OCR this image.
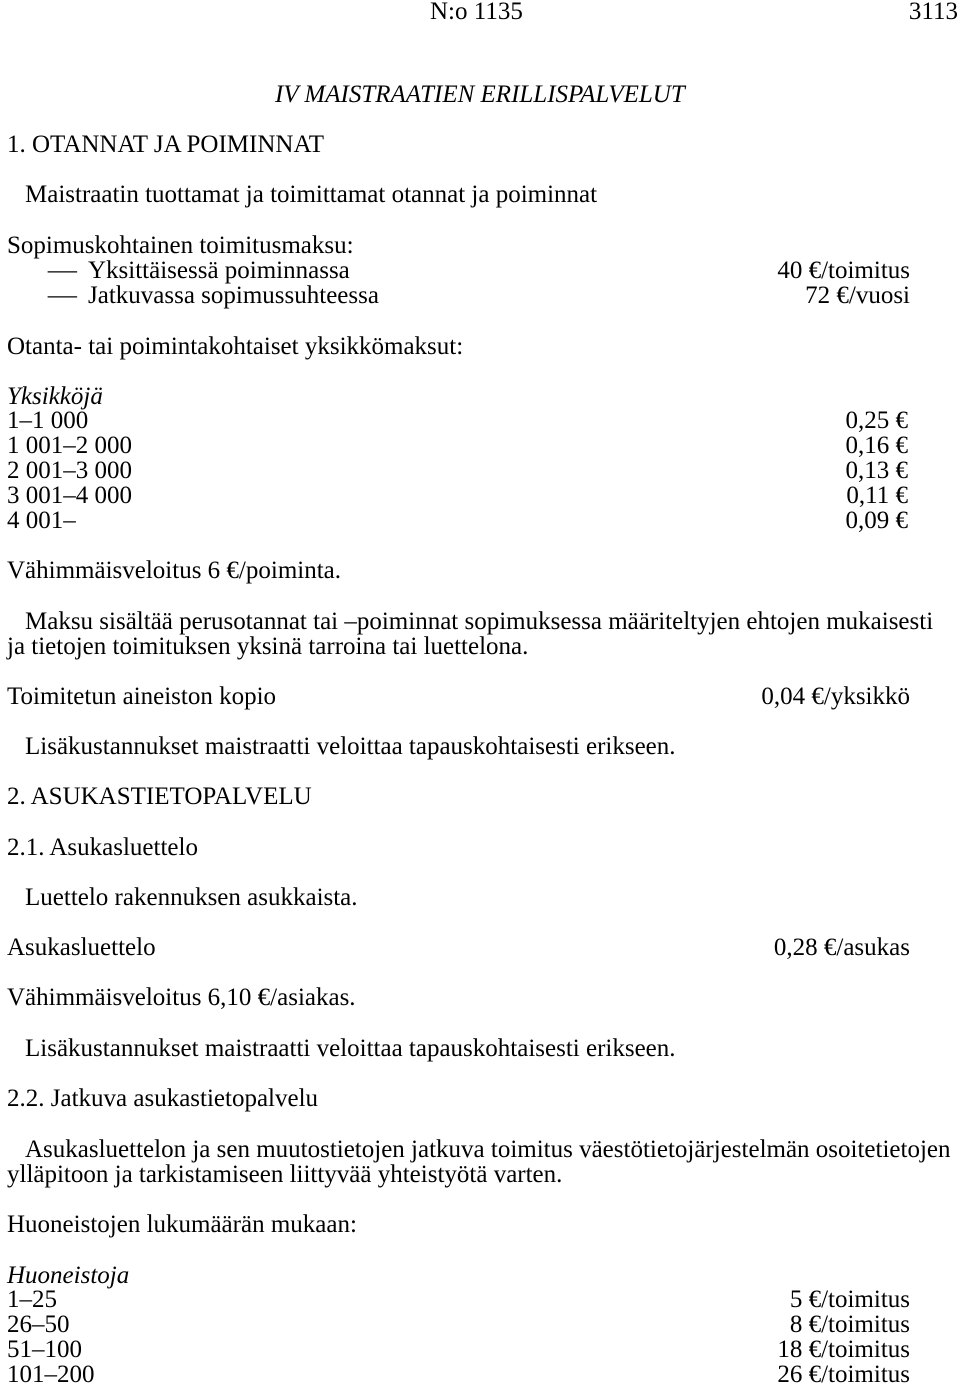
N:o 1135	3113
IV MAISTRAATIEN ERILLISPALVELUT
1. OTANNAT JA POIMINNAT
Maistraatin tuottamat ja toimittamat otannat ja poiminnat
Sopimuskohtainen toimitusmaksu:
– Yksittäisessä poiminnassa	40 €/toimitus
– Jatkuvassa sopimussuhteessa	72 €/vuosi
Otanta- tai poimintakohtaiset yksikkömaksut:
Yksikköjä
1–1 000	0,25 €
1 001–2 000	0,16 €
2 001–3 000	0,13 €
3 001–4 000	0,11 €
4 001–	0,09 €
Vähimmäisveloitus 6 €/poiminta.
Maksu sisältää perusotannat tai –poiminnat sopimuksessa määriteltyjen ehtojen mukaisesti
ja tietojen toimituksen yksinä tarroina tai luettelona.
Toimitetun aineiston kopio	0,04 €/yksikkö
Lisäkustannukset maistraatti veloittaa tapauskohtaisesti erikseen.
2. ASUKASTIETOPALVELU
2.1. Asukasluettelo
Luettelo rakennuksen asukkaista.
Asukasluettelo	0,28 €/asukas
Vähimmäisveloitus 6,10 €/asiakas.
Lisäkustannukset maistraatti veloittaa tapauskohtaisesti erikseen.
2.2. Jatkuva asukastietopalvelu
Asukasluettelon ja sen muutostietojen jatkuva toimitus väestötietojärjestelmän osoitetietojen
ylläpitoon ja tarkistamiseen liittyvää yhteistyötä varten.
Huoneistojen lukumäärän mukaan:
Huoneistoja
1–25	5 €/toimitus
26–50	8 €/toimitus
51–100	18 €/toimitus
101–200	26 €/toimitus
